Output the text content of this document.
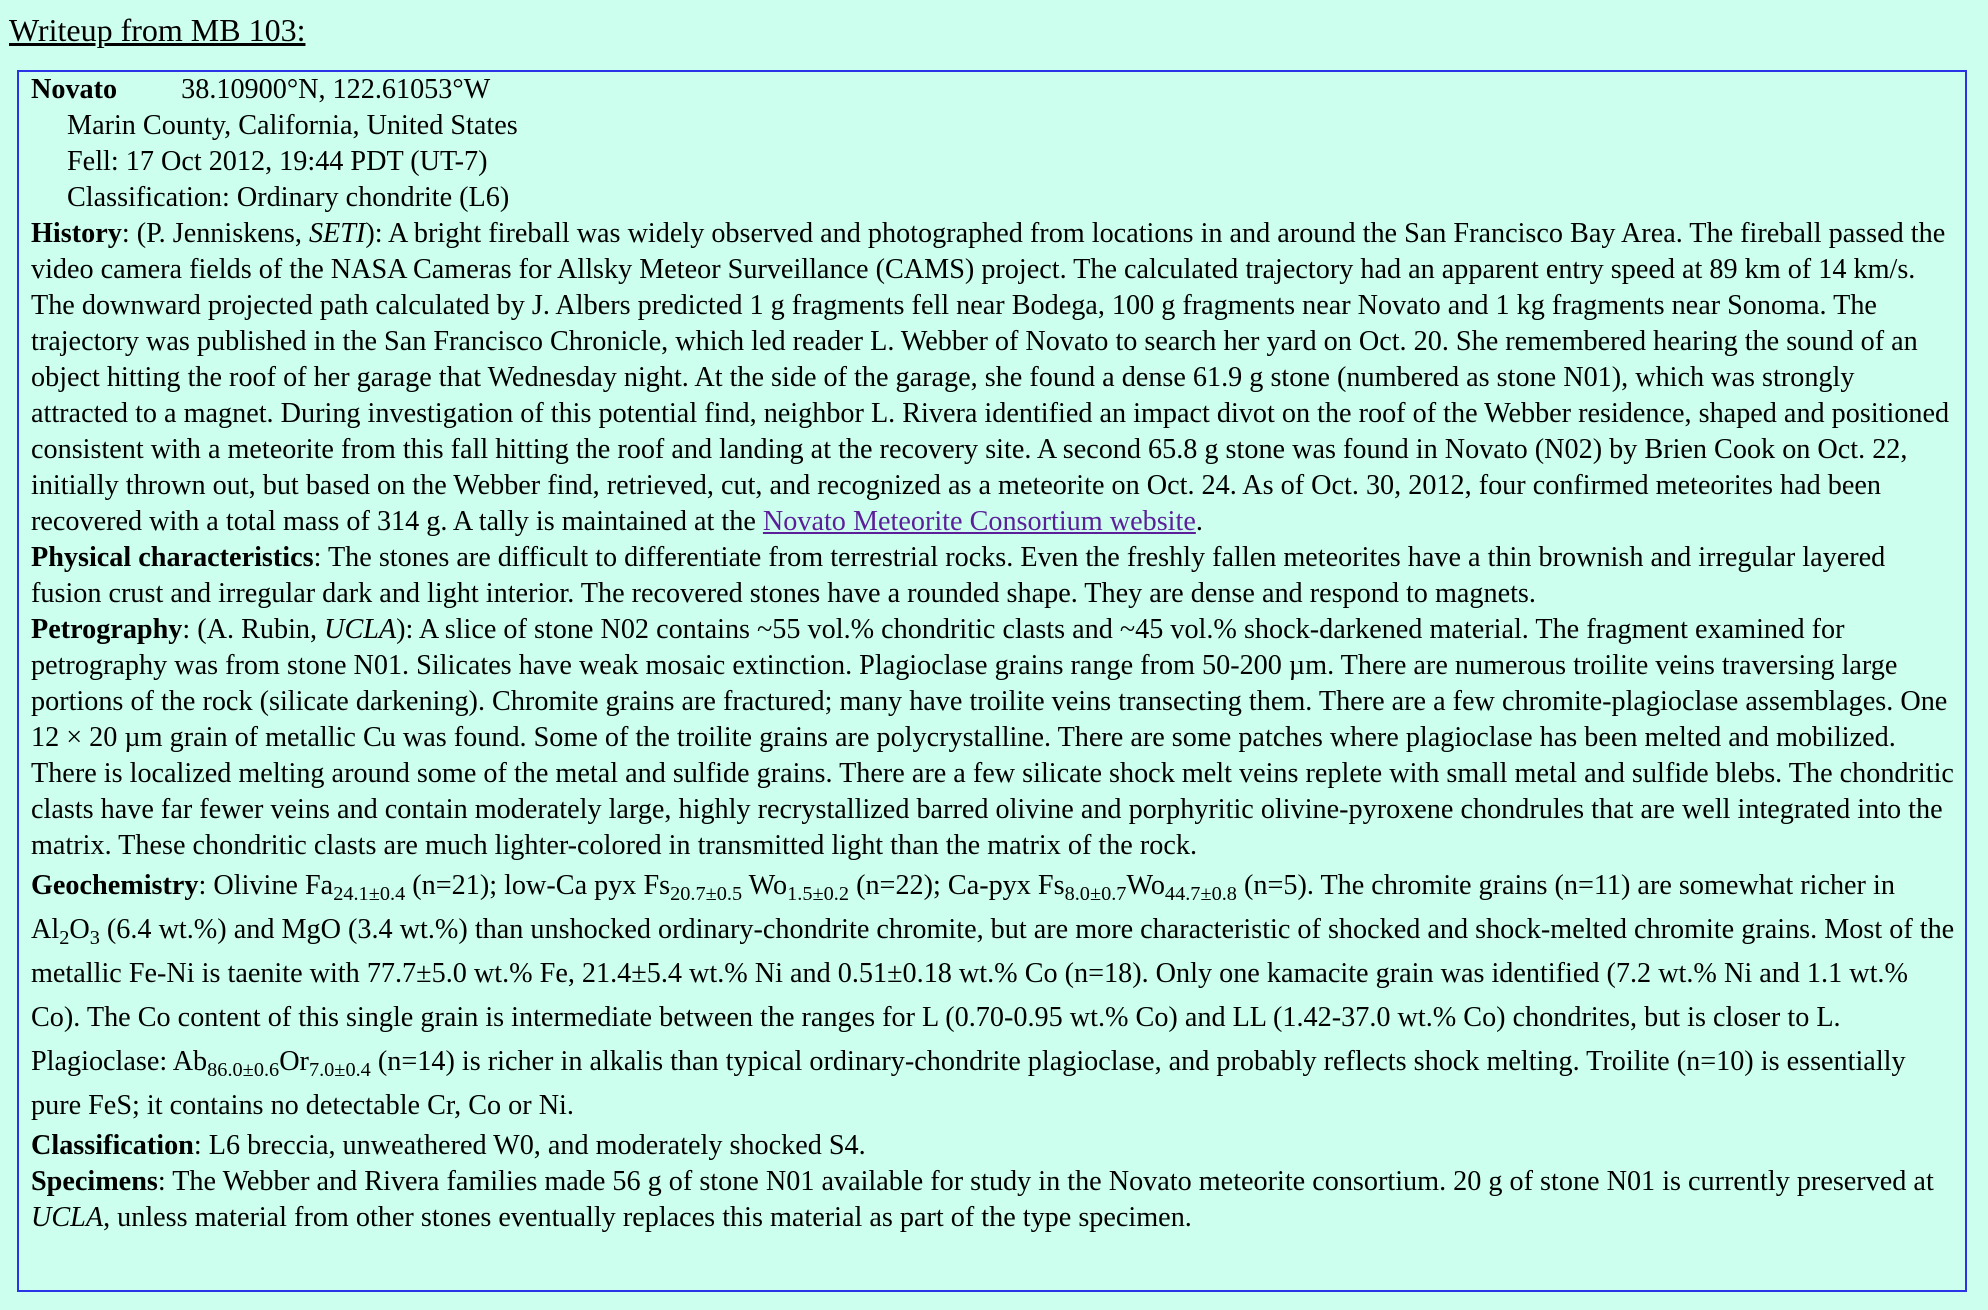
Writeup from MB 103:
Novato 38.10900°N, 122.61053°W
Marin County, California, United States
Fell: 17 Oct 2012, 19:44 PDT (UT-7)
Classification: Ordinary chondrite (L6)

History: (P. Jenniskens, SETI): A bright fireball was widely observed and photographed from locations in and around the San Francisco Bay Area. The fireball passed the video camera fields of the NASA Cameras for Allsky Meteor Surveillance (CAMS) project. The calculated trajectory had an apparent entry speed at 89 km of 14 km/s. The downward projected path calculated by J. Albers predicted 1 g fragments fell near Bodega, 100 g fragments near Novato and 1 kg fragments near Sonoma. The trajectory was published in the San Francisco Chronicle, which led reader L. Webber of Novato to search her yard on Oct. 20. She remembered hearing the sound of an object hitting the roof of her garage that Wednesday night. At the side of the garage, she found a dense 61.9 g stone (numbered as stone N01), which was strongly attracted to a magnet. During investigation of this potential find, neighbor L. Rivera identified an impact divot on the roof of the Webber residence, shaped and positioned consistent with a meteorite from this fall hitting the roof and landing at the recovery site. A second 65.8 g stone was found in Novato (N02) by Brien Cook on Oct. 22, initially thrown out, but based on the Webber find, retrieved, cut, and recognized as a meteorite on Oct. 24. As of Oct. 30, 2012, four confirmed meteorites had been recovered with a total mass of 314 g. A tally is maintained at the Novato Meteorite Consortium website.

Physical characteristics: The stones are difficult to differentiate from terrestrial rocks. Even the freshly fallen meteorites have a thin brownish and irregular layered fusion crust and irregular dark and light interior. The recovered stones have a rounded shape. They are dense and respond to magnets.

Petrography: (A. Rubin, UCLA): A slice of stone N02 contains ~55 vol.% chondritic clasts and ~45 vol.% shock-darkened material. The fragment examined for petrography was from stone N01. Silicates have weak mosaic extinction. Plagioclase grains range from 50-200 µm. There are numerous troilite veins traversing large portions of the rock (silicate darkening). Chromite grains are fractured; many have troilite veins transecting them. There are a few chromite-plagioclase assemblages. One 12 × 20 µm grain of metallic Cu was found. Some of the troilite grains are polycrystalline. There are some patches where plagioclase has been melted and mobilized. There is localized melting around some of the metal and sulfide grains. There are a few silicate shock melt veins replete with small metal and sulfide blebs. The chondritic clasts have far fewer veins and contain moderately large, highly recrystallized barred olivine and porphyritic olivine-pyroxene chondrules that are well integrated into the matrix. These chondritic clasts are much lighter-colored in transmitted light than the matrix of the rock.

Geochemistry: Olivine $Fa_{24.1\pm 0.4}$ (n=21); low-Ca pyx $Fs_{20.7\pm 0.5}$ $Wo_{1.5\pm 0.2}$ (n=22); Ca-pyx $Fs_{8.0\pm 0.7}Wo_{44.7\pm 0.8}$ (n=5). The chromite grains (n=11) are somewhat richer in $Al_2O_3$ (6.4 wt.%) and MgO (3.4 wt.%) than unshocked ordinary-chondrite chromite, but are more characteristic of shocked and shock-melted chromite grains. Most of the metallic Fe-Ni is taenite with 77.7±5.0 wt.% Fe, 21.4±5.4 wt.% Ni and 0.51±0.18 wt.% Co (n=18). Only one kamacite grain was identified (7.2 wt.% Ni and 1.1 wt.% Co). The Co content of this single grain is intermediate between the ranges for L (0.70-0.95 wt.% Co) and LL (1.42-37.0 wt.% Co) chondrites, but is closer to L. Plagioclase: $Ab_{86.0\pm 0.6}Or_{7.0\pm 0.4}$ (n=14) is richer in alkalis than typical ordinary-chondrite plagioclase, and probably reflects shock melting. Troilite (n=10) is essentially pure FeS; it contains no detectable Cr, Co or Ni.

Classification: L6 breccia, unweathered W0, and moderately shocked S4.

Specimens: The Webber and Rivera families made 56 g of stone N01 available for study in the Novato meteorite consortium. 20 g of stone N01 is currently preserved at UCLA, unless material from other stones eventually replaces this material as part of the type specimen.
